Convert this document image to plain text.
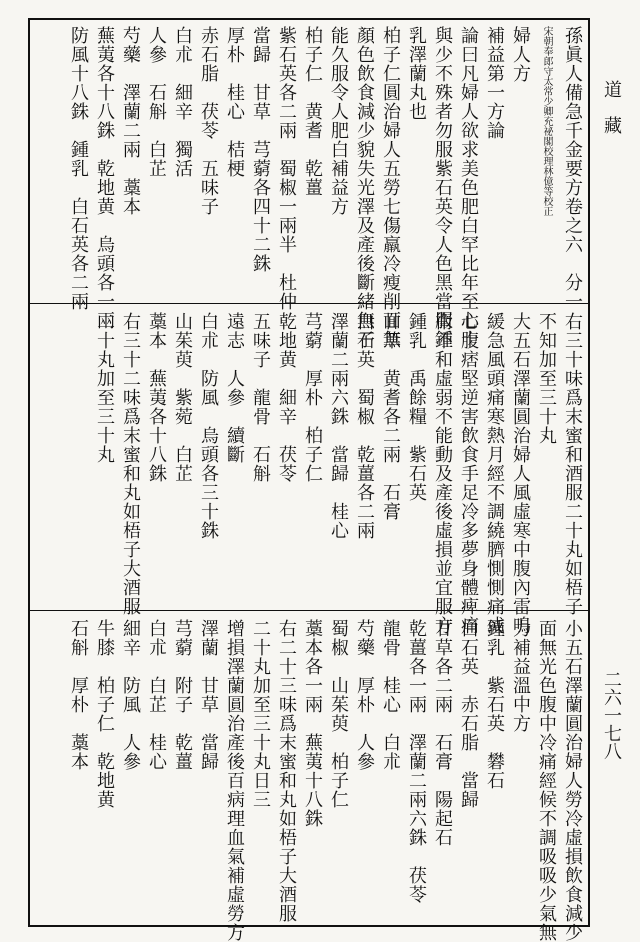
道　藏
二六一七八
孫眞人備急千金要方卷之六　分一
宋朝奉郎守太常少卿充祕閣校理林億等校正
婦人方
補益第一方論
論曰凡婦人欲求美色肥白罕比年至七十
與少不殊者勿服紫石英令人色黑當服鍾
乳澤蘭丸也
柏子仁圓治婦人五勞七傷羸冷瘦削面無
顏色飲食減少貌失光澤及產後斷緒無子
能久服令人肥白補益方
柏子仁　黄耆　乾薑
紫石英各二兩　蜀椒一兩半　杜仲
當歸　甘草　芎藭各四十二銖
厚朴　桂心　桔梗
赤石脂　茯苓　五味子
白朮　細辛　獨活
人參　石斛　白芷
芍藥　澤蘭二兩　藁本
蕪荑各十八銖　乾地黄　烏頭各一兩
防風十八銖　鍾乳　白石英各二兩
右三十味爲末蜜和酒服二十丸如梧子
不知加至三十丸
大五石澤蘭圓治婦人風虛寒中腹內雷鳴
緩急風頭痛寒熱月經不調繞臍惻惻痛或
心腹痞堅逆害飲食手足冷多夢身體痺痛
衛不和虛弱不能動及產後虛損並宜服方
鍾乳　禹餘糧　紫石英
甘草　黄耆各二兩　石膏
白石英　蜀椒　乾薑各二兩
澤蘭二兩六銖　當歸　桂心
芎藭　厚朴　柏子仁
乾地黄　細辛　茯苓
五味子　龍骨　石斛
遠志　人參　續斷
白朮　防風　烏頭各三十銖
山茱萸　紫菀　白芷
藁本　蕪荑各十八銖
右三十二味爲末蜜和丸如梧子大酒服
二十丸加至三十丸
小五石澤蘭圓治婦人勞冷虛損飲食減少
面無光色腹中冷痛經候不調吸吸少氣無
力補益溫中方
鍾乳　紫石英　礬石
白石英　赤石脂　當歸
甘草各二兩　石膏　陽起石
乾薑各一兩　澤蘭二兩六銖　茯苓
龍骨　桂心　白朮
芍藥　厚朴　人參
蜀椒　山茱萸　柏子仁
藁本各一兩　蕪荑十八銖
右二十三味爲末蜜和丸如梧子大酒服
二十丸加至三十丸日三
增損澤蘭圓治產後百病理血氣補虛勞方
澤蘭　甘草　當歸
芎藭　附子　乾薑
白朮　白芷　桂心
細辛　防風　人參
牛膝　柏子仁　乾地黄
石斛　厚朴　藁本
